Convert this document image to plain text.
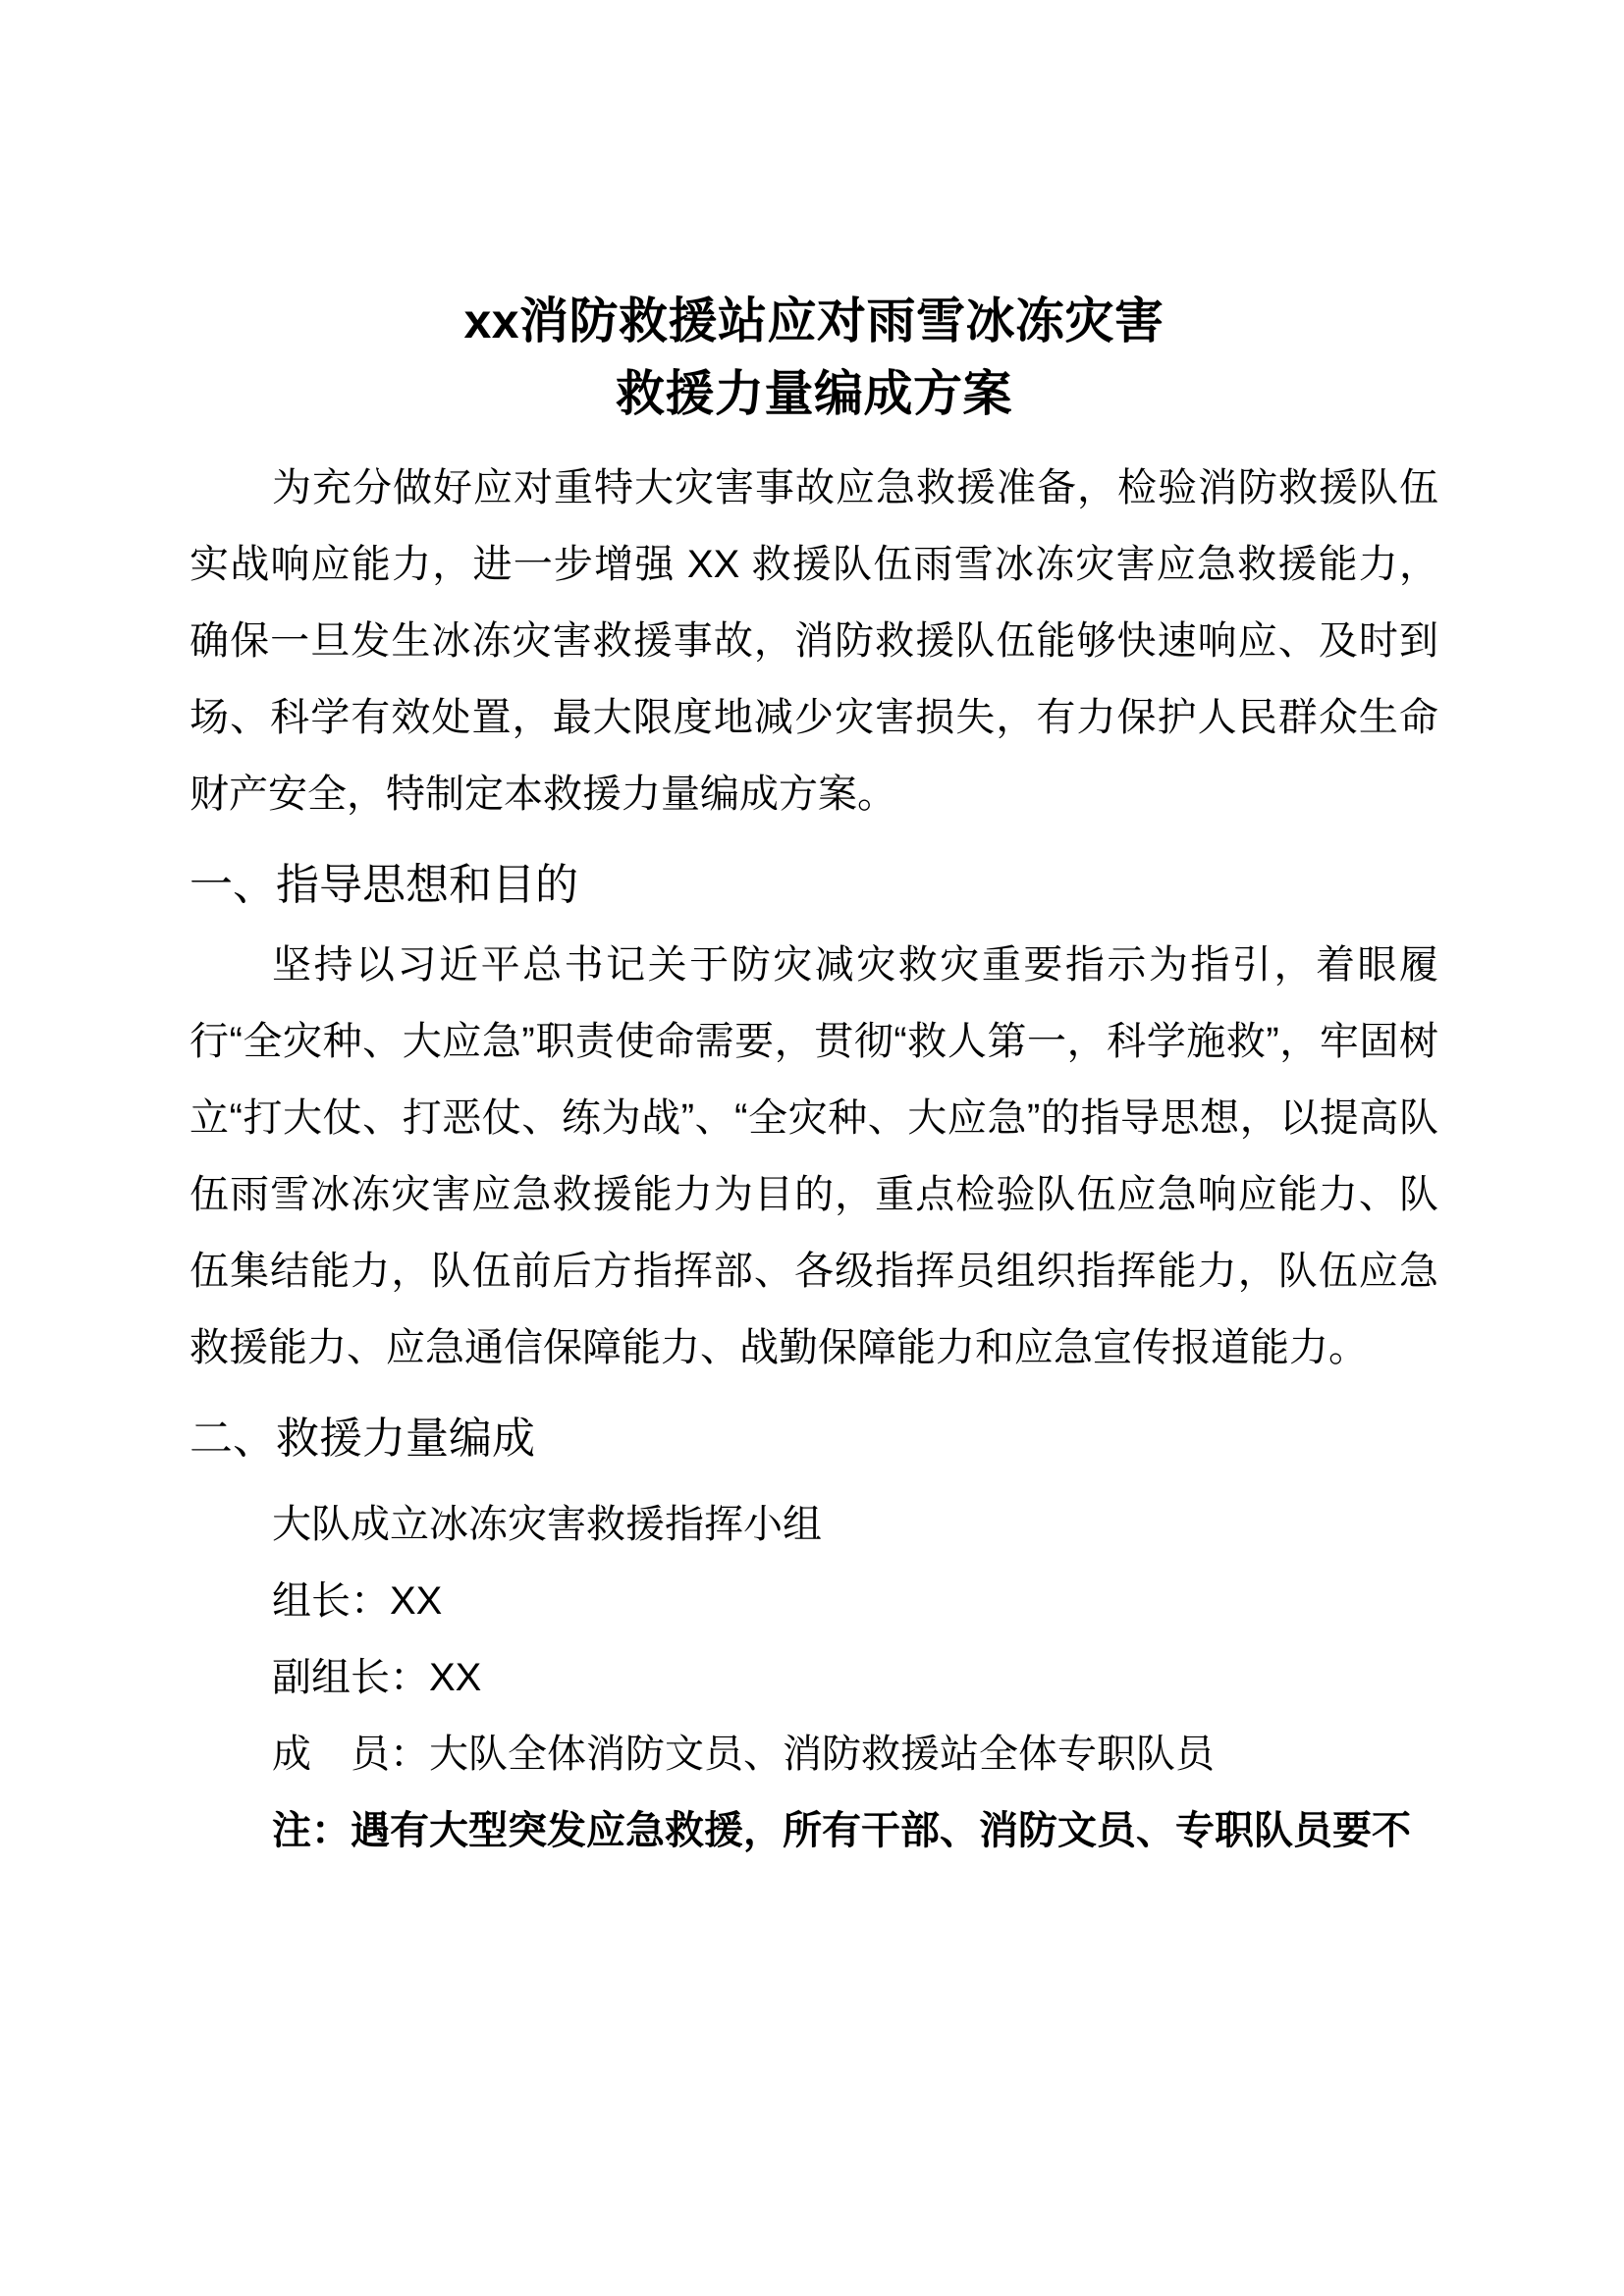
xx消防救援站应对雨雪冰冻灾害
救援力量编成方案

为充分做好应对重特大灾害事故应急救援准备，检验消防救援队伍实战响应能力，进一步增强 XX 救援队伍雨雪冰冻灾害应急救援能力，确保一旦发生冰冻灾害救援事故，消防救援队伍能够快速响应、及时到场、科学有效处置，最大限度地减少灾害损失，有力保护人民群众生命财产安全，特制定本救援力量编成方案。

一、指导思想和目的

坚持以习近平总书记关于防灾减灾救灾重要指示为指引，着眼履行“全灾种、大应急”职责使命需要，贯彻“救人第一，科学施救”，牢固树立“打大仗、打恶仗、练为战”、“全灾种、大应急”的指导思想，以提高队伍雨雪冰冻灾害应急救援能力为目的，重点检验队伍应急响应能力、队伍集结能力，队伍前后方指挥部、各级指挥员组织指挥能力，队伍应急救援能力、应急通信保障能力、战勤保障能力和应急宣传报道能力。

二、救援力量编成

大队成立冰冻灾害救援指挥小组

组长：XX

副组长：XX

成　员：大队全体消防文员、消防救援站全体专职队员

注：遇有大型突发应急救援，所有干部、消防文员、专职队员要不
